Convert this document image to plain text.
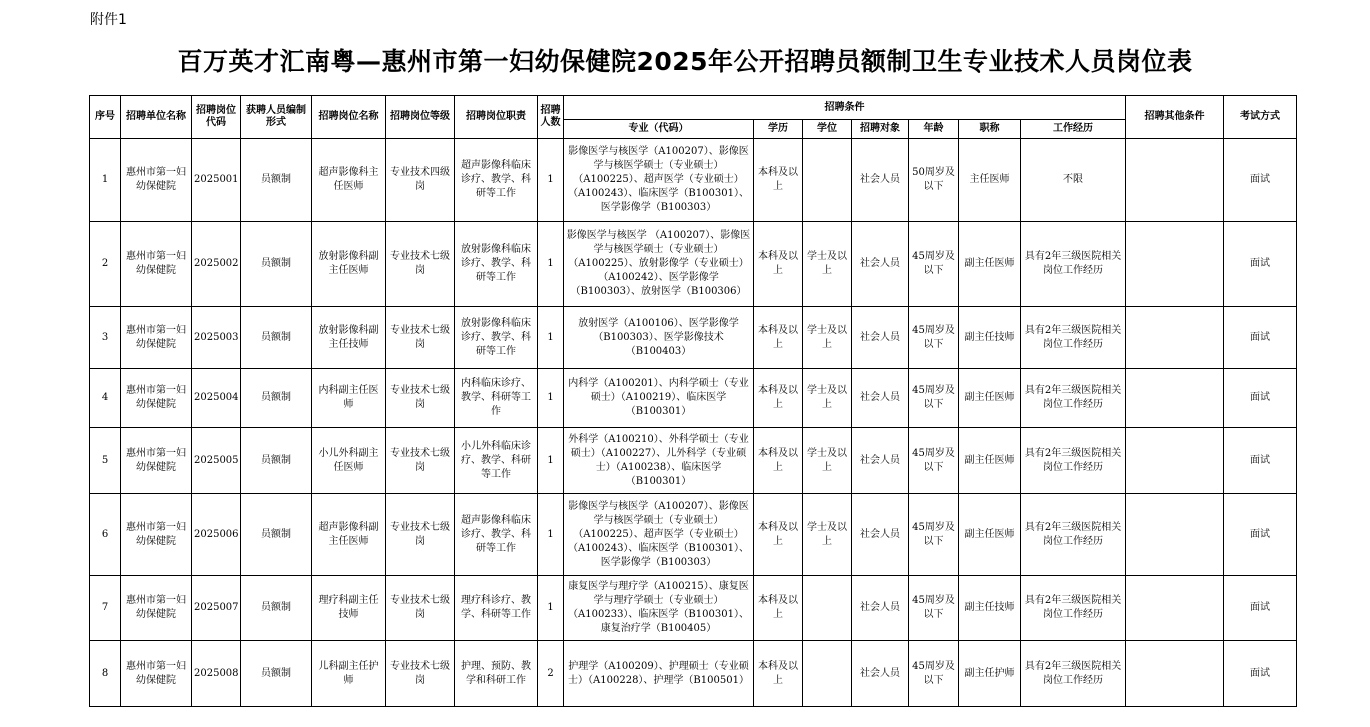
附件1
百万英才汇南粤—惠州市第一妇幼保健院2025年公开招聘员额制卫生专业技术人员岗位表
序号	招聘单位名称	招聘岗位代码	获聘人员编制形式	招聘岗位名称	招聘岗位等级	招聘岗位职责	招聘人数	招聘条件							招聘其他条件	考试方式
								专业（代码）	学历	学位	招聘对象	年龄	职称	工作经历		
1	惠州市第一妇幼保健院	2025001	员额制	超声影像科主任医师	专业技术四级岗	超声影像科临床诊疗、教学、科研等工作	1	影像医学与核医学（A100207）、影像医学与核医学硕士（专业硕士）（A100225）、超声医学（专业硕士）（A100243）、临床医学（B100301）、医学影像学（B100303）	本科及以上		社会人员	50周岁及以下	主任医师	不限		面试
2	惠州市第一妇幼保健院	2025002	员额制	放射影像科副主任医师	专业技术七级岗	放射影像科临床诊疗、教学、科研等工作	1	影像医学与核医学 （A100207）、影像医学与核医学硕士（专业硕士）（A100225）、放射影像学（专业硕士）（A100242）、医学影像学（B100303）、放射医学（B100306）	本科及以上	学士及以上	社会人员	45周岁及以下	副主任医师	具有2年三级医院相关岗位工作经历		面试
3	惠州市第一妇幼保健院	2025003	员额制	放射影像科副主任技师	专业技术七级岗	放射影像科临床诊疗、教学、科研等工作	1	放射医学（A100106）、医学影像学（B100303）、医学影像技术（B100403）	本科及以上	学士及以上	社会人员	45周岁及以下	副主任技师	具有2年三级医院相关岗位工作经历		面试
4	惠州市第一妇幼保健院	2025004	员额制	内科副主任医师	专业技术七级岗	内科临床诊疗、教学、科研等工作	1	内科学（A100201）、内科学硕士（专业硕士）（A100219）、临床医学（B100301）	本科及以上	学士及以上	社会人员	45周岁及以下	副主任医师	具有2年三级医院相关岗位工作经历		面试
5	惠州市第一妇幼保健院	2025005	员额制	小儿外科副主任医师	专业技术七级岗	小儿外科临床诊疗、教学、科研等工作	1	外科学（A100210）、外科学硕士（专业硕士）（A100227）、儿外科学（专业硕士）（A100238）、临床医学（B100301）	本科及以上	学士及以上	社会人员	45周岁及以下	副主任医师	具有2年三级医院相关岗位工作经历		面试
6	惠州市第一妇幼保健院	2025006	员额制	超声影像科副主任医师	专业技术七级岗	超声影像科临床诊疗、教学、科研等工作	1	影像医学与核医学（A100207）、影像医学与核医学硕士（专业硕士）（A100225）、超声医学（专业硕士）（A100243）、临床医学（B100301）、医学影像学（B100303）	本科及以上	学士及以上	社会人员	45周岁及以下	副主任医师	具有2年三级医院相关岗位工作经历		面试
7	惠州市第一妇幼保健院	2025007	员额制	理疗科副主任技师	专业技术七级岗	理疗科诊疗、教学、科研等工作	1	康复医学与理疗学（A100215）、康复医学与理疗学硕士（专业硕士）（A100233）、临床医学（B100301）、康复治疗学（B100405）	本科及以上		社会人员	45周岁及以下	副主任技师	具有2年三级医院相关岗位工作经历		面试
8	惠州市第一妇幼保健院	2025008	员额制	儿科副主任护师	专业技术七级岗	护理、预防、教学和科研工作	2	护理学（A100209）、护理硕士（专业硕士）（A100228）、护理学（B100501）	本科及以上		社会人员	45周岁及以下	副主任护师	具有2年三级医院相关岗位工作经历		面试
